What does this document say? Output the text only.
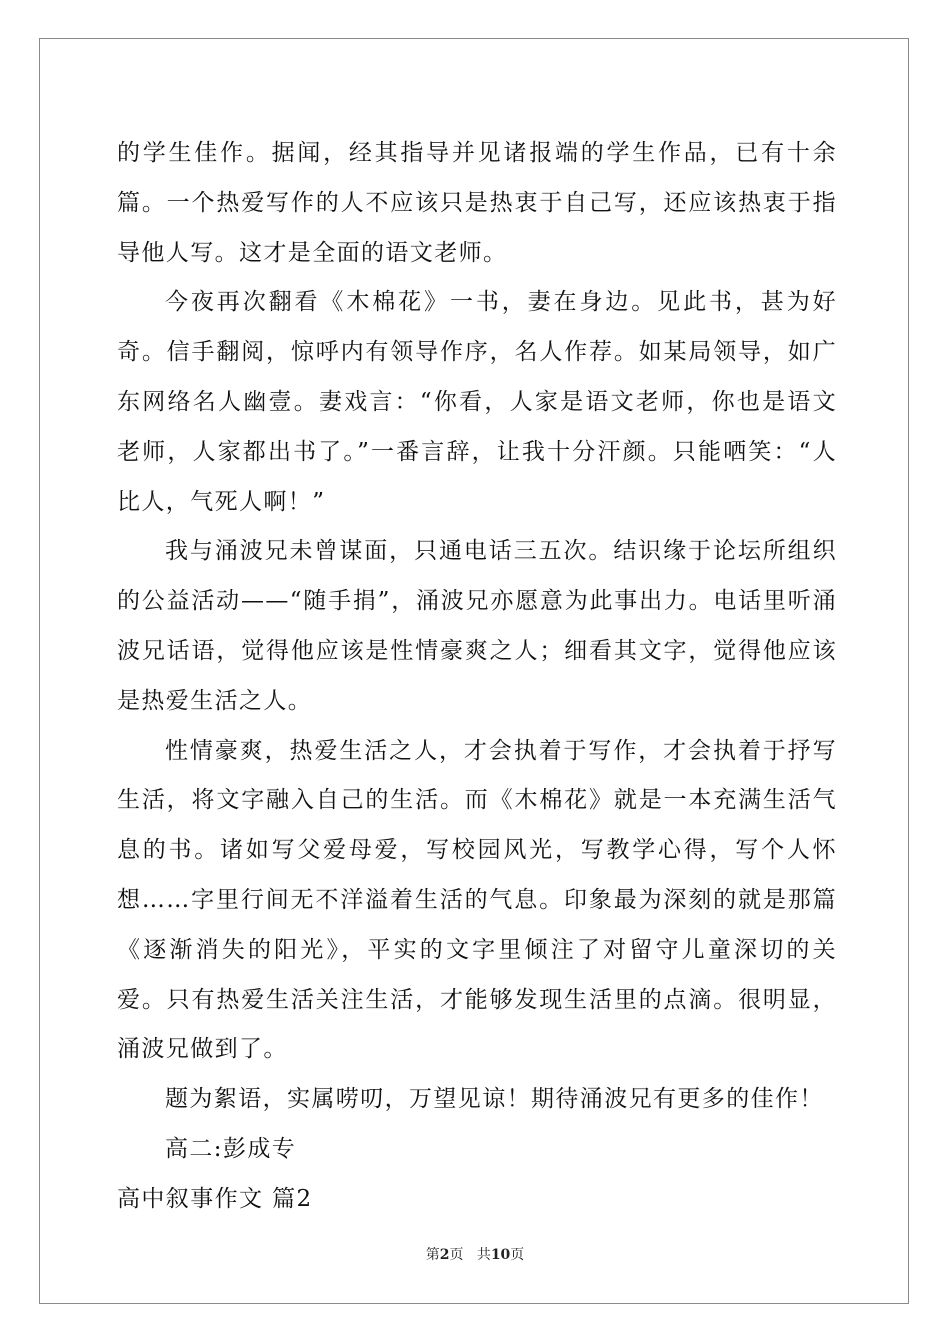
的学生佳作。据闻，经其指导并见诸报端的学生作品，已有十余篇。一个热爱写作的人不应该只是热衷于自己写，还应该热衷于指导他人写。这才是全面的语文老师。

今夜再次翻看《木棉花》一书，妻在身边。见此书，甚为好奇。信手翻阅，惊呼内有领导作序，名人作荐。如某局领导，如广东网络名人幽壹。妻戏言：“你看，人家是语文老师，你也是语文老师，人家都出书了。”一番言辞，让我十分汗颜。只能哂笑：“人比人，气死人啊！”

我与涌波兄未曾谋面，只通电话三五次。结识缘于论坛所组织的公益活动——“随手捐”，涌波兄亦愿意为此事出力。电话里听涌波兄话语，觉得他应该是性情豪爽之人；细看其文字，觉得他应该是热爱生活之人。

性情豪爽，热爱生活之人，才会执着于写作，才会执着于抒写生活，将文字融入自己的生活。而《木棉花》就是一本充满生活气息的书。诸如写父爱母爱，写校园风光，写教学心得，写个人怀想……字里行间无不洋溢着生活的气息。印象最为深刻的就是那篇《逐渐消失的阳光》，平实的文字里倾注了对留守儿童深切的关爱。只有热爱生活关注生活，才能够发现生活里的点滴。很明显，涌波兄做到了。

题为絮语，实属唠叨，万望见谅！期待涌波兄有更多的佳作！

高二:彭成专

高中叙事作文 篇2

第2页 共10页
